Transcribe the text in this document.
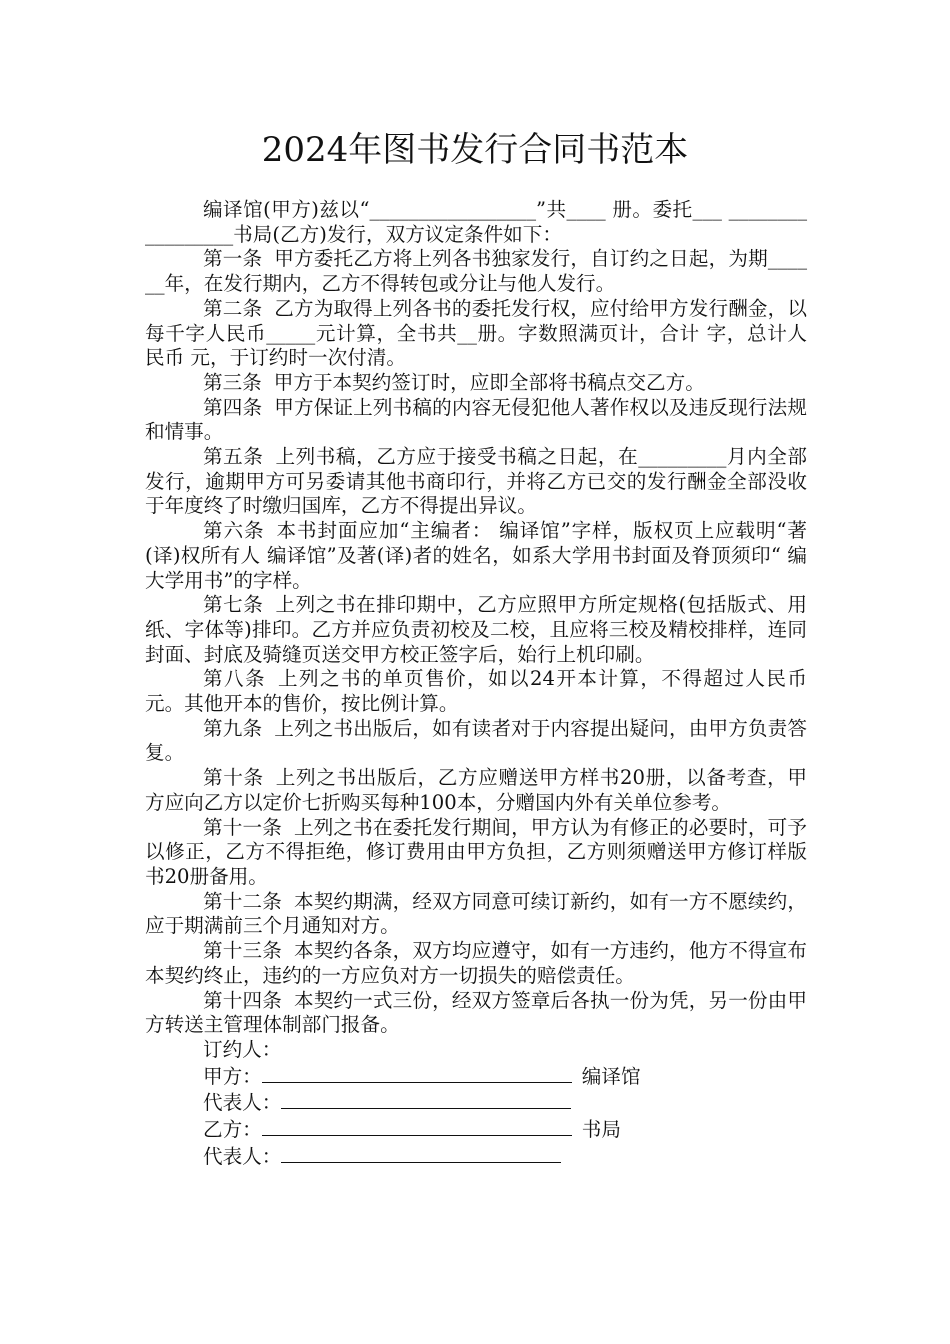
2024年图书发行合同书范本

编译馆(甲方)兹以“_________________”共____ 册。委托___ _________________书局(乙方)发行，双方议定条件如下：

第一条 甲方委托乙方将上列各书独家发行，自订约之日起，为期______年，在发行期内，乙方不得转包或分让与他人发行。

第二条 乙方为取得上列各书的委托发行权，应付给甲方发行酬金，以每千字人民币_____元计算，全书共__册。字数照满页计，合计 字，总计人民币 元，于订约时一次付清。

第三条 甲方于本契约签订时，应即全部将书稿点交乙方。

第四条 甲方保证上列书稿的内容无侵犯他人著作权以及违反现行法规和情事。

第五条 上列书稿，乙方应于接受书稿之日起，在_________月内全部发行，逾期甲方可另委请其他书商印行，并将乙方已交的发行酬金全部没收于年度终了时缴归国库，乙方不得提出异议。

第六条 本书封面应加“主编者： 编译馆”字样，版权页上应载明“著(译)权所有人 编译馆”及著(译)者的姓名，如系大学用书封面及脊顶须印“ 编大学用书”的字样。

第七条 上列之书在排印期中，乙方应照甲方所定规格(包括版式、用纸、字体等)排印。乙方并应负责初校及二校，且应将三校及精校排样，连同封面、封底及骑缝页送交甲方校正签字后，始行上机印刷。

第八条 上列之书的单页售价，如以24开本计算，不得超过人民币 元。其他开本的售价，按比例计算。

第九条 上列之书出版后，如有读者对于内容提出疑问，由甲方负责答复。

第十条 上列之书出版后，乙方应赠送甲方样书20册，以备考查，甲方应向乙方以定价七折购买每种100本，分赠国内外有关单位参考。

第十一条 上列之书在委托发行期间，甲方认为有修正的必要时，可予以修正，乙方不得拒绝，修订费用由甲方负担，乙方则须赠送甲方修订样版书20册备用。

第十二条 本契约期满，经双方同意可续订新约，如有一方不愿续约，应于期满前三个月通知对方。

第十三条 本契约各条，双方均应遵守，如有一方违约，他方不得宣布本契约终止，违约的一方应负对方一切损失的赔偿责任。

第十四条 本契约一式三份，经双方签章后各执一份为凭，另一份由甲方转送主管理体制部门报备。

订约人：

甲方：	编译馆

代表人：

乙方：	书局

代表人：
